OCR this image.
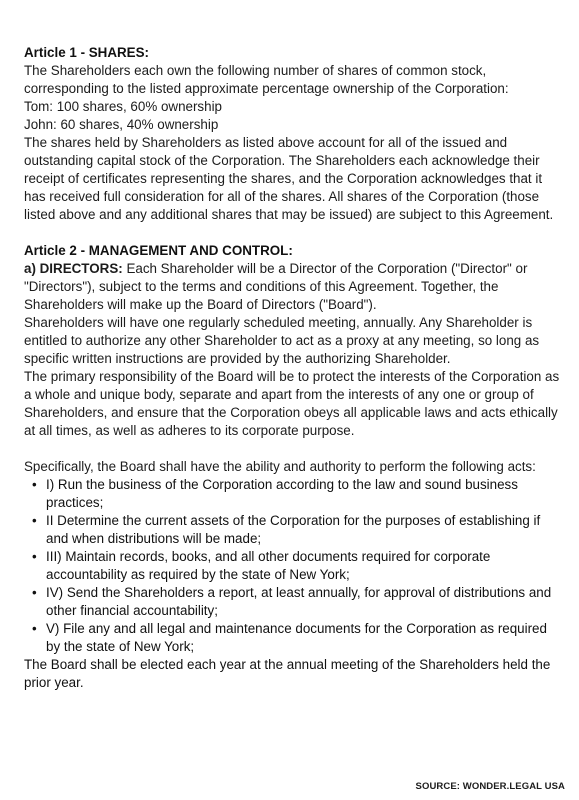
Article 1 - SHARES:

The Shareholders each own the following number of shares of common stock, corresponding to the listed approximate percentage ownership of the Corporation:

Tom: 100 shares, 60% ownership

John: 60 shares, 40% ownership

The shares held by Shareholders as listed above account for all of the issued and outstanding capital stock of the Corporation. The Shareholders each acknowledge their receipt of certificates representing the shares, and the Corporation acknowledges that it has received full consideration for all of the shares. All shares of the Corporation (those listed above and any additional shares that may be issued) are subject to this Agreement.

Article 2 - MANAGEMENT AND CONTROL:

a) DIRECTORS: Each Shareholder will be a Director of the Corporation ("Director" or "Directors"), subject to the terms and conditions of this Agreement. Together, the Shareholders will make up the Board of Directors ("Board").

Shareholders will have one regularly scheduled meeting, annually. Any Shareholder is entitled to authorize any other Shareholder to act as a proxy at any meeting, so long as specific written instructions are provided by the authorizing Shareholder.

The primary responsibility of the Board will be to protect the interests of the Corporation as a whole and unique body, separate and apart from the interests of any one or group of Shareholders, and ensure that the Corporation obeys all applicable laws and acts ethically at all times, as well as adheres to its corporate purpose.

Specifically, the Board shall have the ability and authority to perform the following acts:

• I) Run the business of the Corporation according to the law and sound business practices;
• II Determine the current assets of the Corporation for the purposes of establishing if and when distributions will be made;
• III) Maintain records, books, and all other documents required for corporate accountability as required by the state of New York;
• IV) Send the Shareholders a report, at least annually, for approval of distributions and other financial accountability;
• V) File any and all legal and maintenance documents for the Corporation as required by the state of New York;

The Board shall be elected each year at the annual meeting of the Shareholders held the prior year.

SOURCE: WONDER.LEGAL USA
